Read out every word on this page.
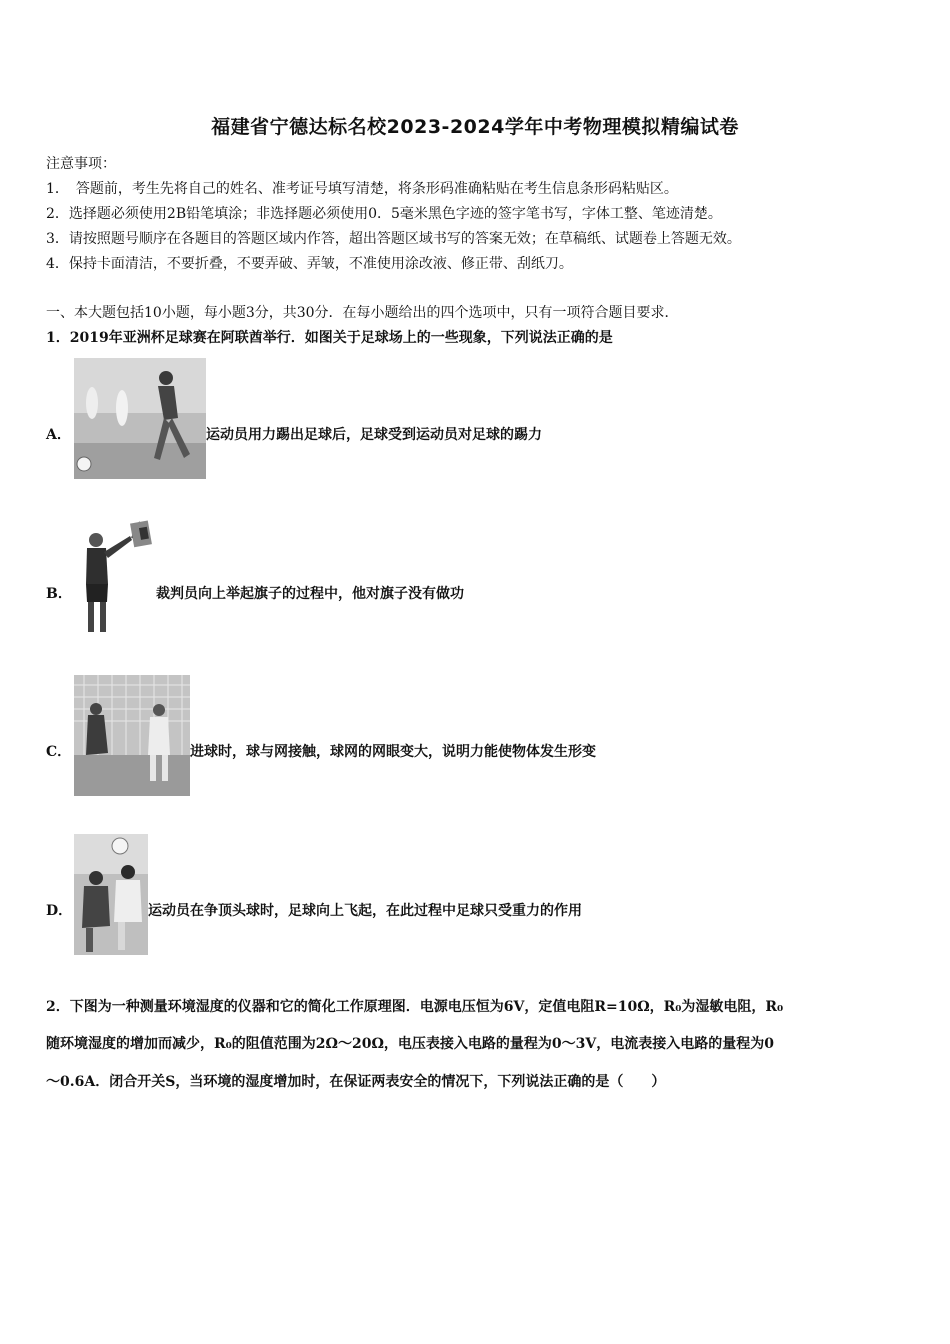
福建省宁德达标名校2023-2024学年中考物理模拟精编试卷
注意事项：
1．　答题前，考生先将自己的姓名、准考证号填写清楚，将条形码准确粘贴在考生信息条形码粘贴区。
2．选择题必须使用2B铅笔填涂；非选择题必须使用0．5毫米黑色字迹的签字笔书写，字体工整、笔迹清楚。
3．请按照题号顺序在各题目的答题区域内作答，超出答题区域书写的答案无效；在草稿纸、试题卷上答题无效。
4．保持卡面清洁，不要折叠，不要弄破、弄皱，不准使用涂改液、修正带、刮纸刀。
一、本大题包括10小题，每小题3分，共30分．在每小题给出的四个选项中，只有一项符合题目要求．
1．2019年亚洲杯足球赛在阿联酋举行．如图关于足球场上的一些现象，下列说法正确的是
A．	运动员用力踢出足球后，足球受到运动员对足球的踢力
B．	裁判员向上举起旗子的过程中，他对旗子没有做功
C．	进球时，球与网接触，球网的网眼变大，说明力能使物体发生形变
D．	运动员在争顶头球时，足球向上飞起，在此过程中足球只受重力的作用
2．下图为一种测量环境湿度的仪器和它的简化工作原理图．电源电压恒为6V，定值电阻R=10Ω，R₀为湿敏电阻，R₀
随环境湿度的增加而减少，R₀的阻值范围为2Ω～20Ω，电压表接入电路的量程为0～3V，电流表接入电路的量程为0
～0.6A．闭合开关S，当环境的湿度增加时，在保证两表安全的情况下，下列说法正确的是（　　）
